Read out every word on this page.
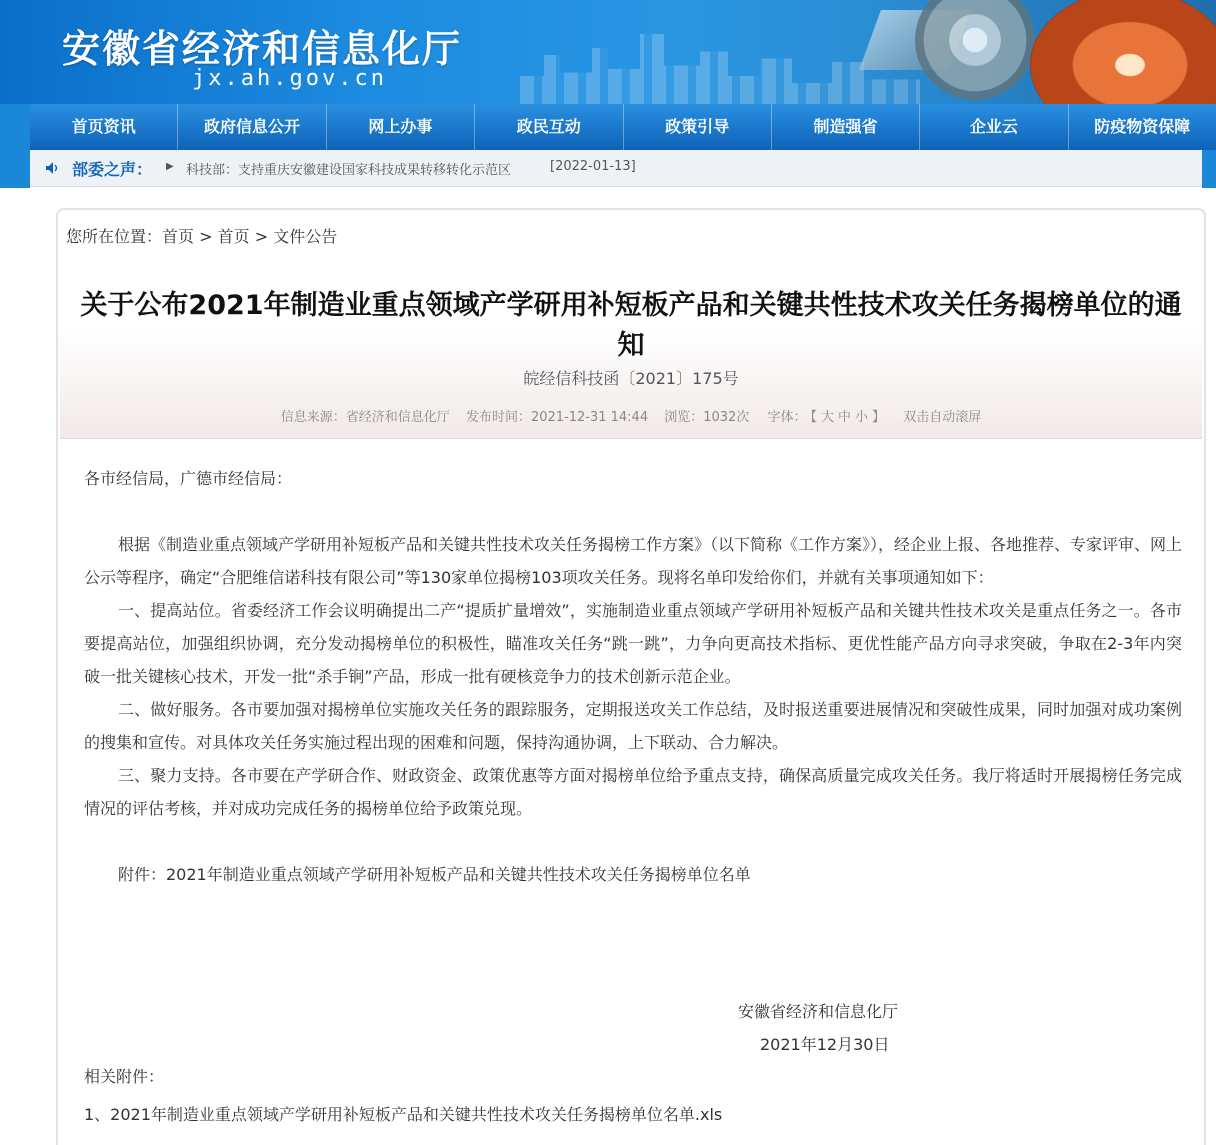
安徽省经济和信息化厅
jx.ah.gov.cn
首页资讯	政府信息公开	网上办事	政民互动	政策引导	制造强省	企业云	防疫物资保障
部委之声： ▶ 科技部：支持重庆安徽建设国家科技成果转移转化示范区	[2022-01-13]
您所在位置：首页 > 首页 > 文件公告
关于公布2021年制造业重点领域产学研用补短板产品和关键共性技术攻关任务揭榜单位的通知
皖经信科技函〔2021〕175号
信息来源：省经济和信息化厅 发布时间：2021-12-31 14:44 浏览：1032次 字体： 【 大 中 小 】 双击自动滚屏

各市经信局，广德市经信局：

根据《制造业重点领域产学研用补短板产品和关键共性技术攻关任务揭榜工作方案》（以下简称《工作方案》），经企业上报、各地推荐、专家评审、网上公示等程序，确定“合肥维信诺科技有限公司”等130家单位揭榜103项攻关任务。现将名单印发给你们，并就有关事项通知如下：

一、提高站位。省委经济工作会议明确提出二产“提质扩量增效”，实施制造业重点领域产学研用补短板产品和关键共性技术攻关是重点任务之一。各市要提高站位，加强组织协调，充分发动揭榜单位的积极性，瞄准攻关任务“跳一跳”，力争向更高技术指标、更优性能产品方向寻求突破，争取在2-3年内突破一批关键核心技术，开发一批“杀手锏”产品，形成一批有硬核竞争力的技术创新示范企业。

二、做好服务。各市要加强对揭榜单位实施攻关任务的跟踪服务，定期报送攻关工作总结，及时报送重要进展情况和突破性成果，同时加强对成功案例的搜集和宣传。对具体攻关任务实施过程出现的困难和问题，保持沟通协调，上下联动、合力解决。

三、聚力支持。各市要在产学研合作、财政资金、政策优惠等方面对揭榜单位给予重点支持，确保高质量完成攻关任务。我厅将适时开展揭榜任务完成情况的评估考核，并对成功完成任务的揭榜单位给予政策兑现。

附件：2021年制造业重点领域产学研用补短板产品和关键共性技术攻关任务揭榜单位名单

安徽省经济和信息化厅
2021年12月30日
相关附件：
1、2021年制造业重点领域产学研用补短板产品和关键共性技术攻关任务揭榜单位名单.xls
